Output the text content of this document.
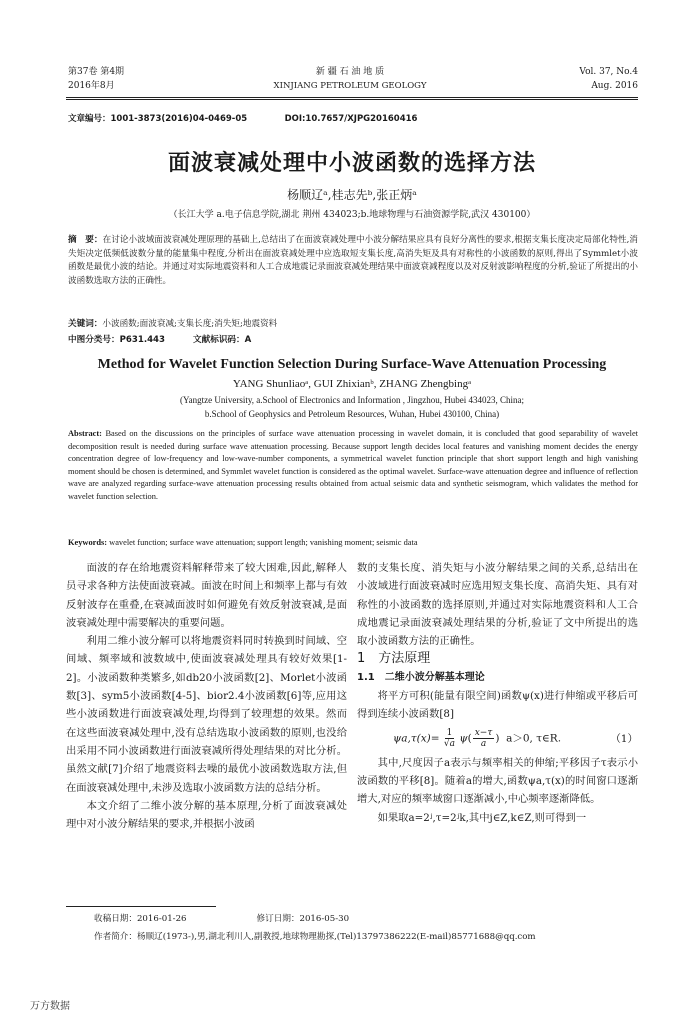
第37卷 第4期
2016年8月
新 疆 石 油 地 质
XINJIANG PETROLEUM GEOLOGY
Vol. 37, No.4
Aug. 2016
文章编号：1001-3873(2016)04-0469-05	DOI:10.7657/XJPG20160416
面波衰减处理中小波函数的选择方法
杨顺辽ᵃ,桂志先ᵇ,张正炳ᵃ
（长江大学 a.电子信息学院,湖北 荆州 434023;b.地球物理与石油资源学院,武汉 430100）
摘　要：在讨论小波域面波衰减处理原理的基础上,总结出了在面波衰减处理中小波分解结果应具有良好分离性的要求,根据支集长度决定局部化特性,消失矩决定低频低波数分量的能量集中程度,分析出在面波衰减处理中应选取短支集长度,高消失矩及具有对称性的小波函数的原则,得出了Symmlet小波函数是最优小波的结论。并通过对实际地震资料和人工合成地震记录面波衰减处理结果中面波衰减程度以及对反射波影响程度的分析,验证了所提出的小波函数选取方法的正确性。
关键词：小波函数;面波衰减;支集长度;消失矩;地震资料
中图分类号：P631.443	文献标识码：A
Method for Wavelet Function Selection During Surface-Wave Attenuation Processing
YANG Shunliaoᵃ, GUI Zhixianᵇ, ZHANG Zhengbingᵃ
(Yangtze University, a.School of Electronics and Information , Jingzhou, Hubei 434023, China;
b.School of Geophysics and Petroleum Resources, Wuhan, Hubei 430100, China)
Abstract: Based on the discussions on the principles of surface wave attenuation processing in wavelet domain, it is concluded that good separability of wavelet decomposition result is needed during surface wave attenuation processing. Because support length decides local features and vanishing moment decides the energy concentration degree of low-frequency and low-wave-number components, a symmetrical wavelet function principle that short support length and high vanishing moment should be chosen is determined, and Symmlet wavelet function is considered as the optimal wavelet. Surface-wave attenuation degree and influence of reflection wave are analyzed regarding surface-wave attenuation processing results obtained from actual seismic data and synthetic seismogram, which validates the method for wavelet function selection.
Keywords: wavelet function; surface wave attenuation; support length; vanishing moment; seismic data

面波的存在给地震资料解释带来了较大困难,因此,解释人员寻求各种方法使面波衰减。面波在时间上和频率上都与有效反射波存在重叠,在衰减面波时如何避免有效反射波衰减,是面波衰减处理中需要解决的重要问题。

利用二维小波分解可以将地震资料同时转换到时间域、空间域、频率域和波数域中,使面波衰减处理具有较好效果[1-2]。小波函数种类繁多,如db20小波函数[2]、Morlet小波函数[3]、sym5小波函数[4-5]、bior2.4小波函数[6]等,应用这些小波函数进行面波衰减处理,均得到了较理想的效果。然而在这些面波衰减处理中,没有总结选取小波函数的原则,也没给出采用不同小波函数进行面波衰减所得处理结果的对比分析。虽然文献[7]介绍了地震资料去噪的最优小波函数选取方法,但在面波衰减处理中,未涉及选取小波函数方法的总结分析。

本文介绍了二维小波分解的基本原理,分析了面波衰减处理中对小波分解结果的要求,并根据小波函

数的支集长度、消失矩与小波分解结果之间的关系,总结出在小波域进行面波衰减时应选用短支集长度、高消失矩、具有对称性的小波函数的选择原则,并通过对实际地震资料和人工合成地震记录面波衰减处理结果的分析,验证了文中所提出的选取小波函数方法的正确性。

1　方法原理

1.1　二维小波分解基本理论

将平方可积(能量有限空间)函数ψ(x)进行伸缩或平移后可得到连续小波函数[8]

$\psi a,\tau(x)= \frac{1}{√a} \psi( \frac{x-\tau}{a}$ )  a＞0, τ∈R.	（1）

其中,尺度因子a表示与频率相关的伸缩;平移因子τ表示小波函数的平移[8]。随着a的增大,函数ψa,τ(x)的时间窗口逐渐增大,对应的频率域窗口逐渐减小,中心频率逐渐降低。

如果取a=2ʲ,τ=2ʲk,其中j∈Z,k∈Z,则可得到一

收稿日期：2016-01-26	修订日期：2016-05-30
作者简介：杨顺辽(1973-),男,湖北利川人,副教授,地球物理勘探,(Tel)13797386222(E-mail)85771688@qq.com
万方数据
